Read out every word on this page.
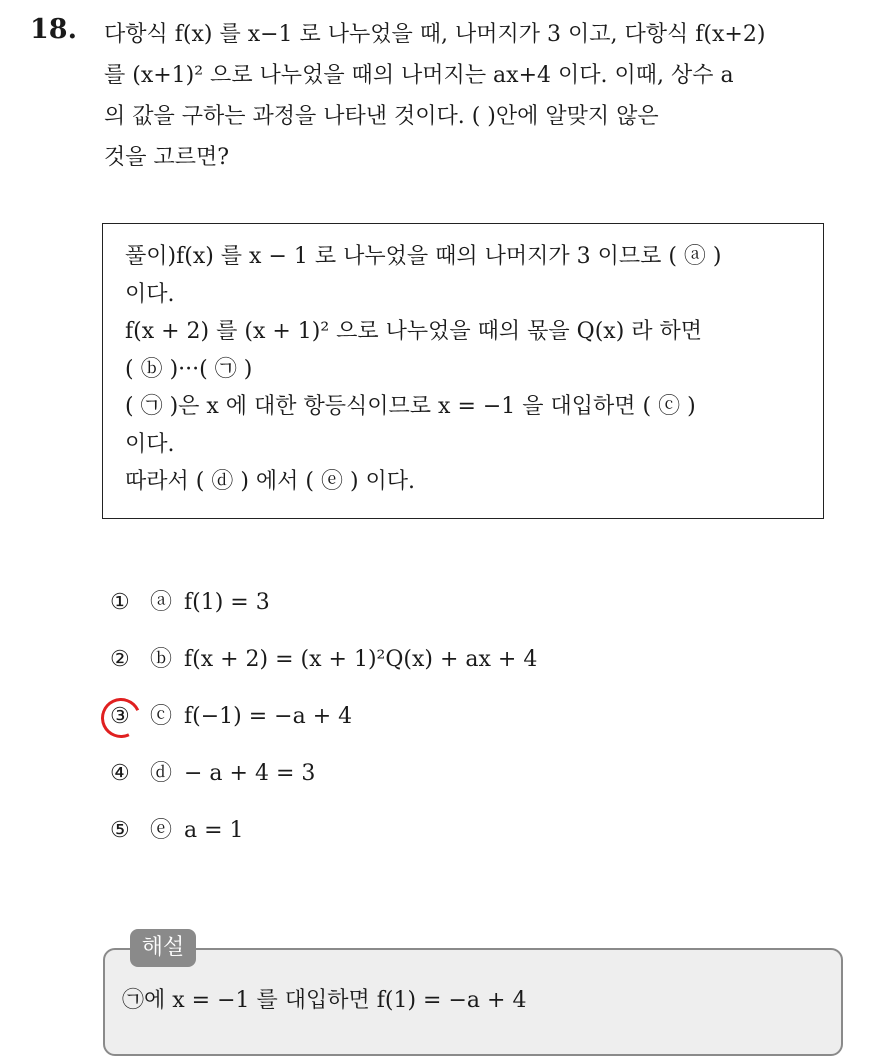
18. 다항식 f(x) 를 x−1 로 나누었을 때, 나머지가 3 이고, 다항식 f(x+2)
를 (x+1)² 으로 나누었을 때의 나머지는 ax+4 이다. 이때, 상수 a
의 값을 구하는 과정을 나타낸 것이다. ( )안에 알맞지 않은
것을 고르면?
풀이)f(x) 를 x − 1 로 나누었을 때의 나머지가 3 이므로 ( ⓐ )
이다.
f(x + 2) 를 (x + 1)² 으로 나누었을 때의 몫을 Q(x) 라 하면
( ⓑ )···( ㉠ )
( ㉠ )은 x 에 대한 항등식이므로 x = −1 을 대입하면 ( ⓒ )
이다.
따라서 ( ⓓ ) 에서 ( ⓔ ) 이다.
① ⓐ f(1) = 3
② ⓑ f(x + 2) = (x + 1)²Q(x) + ax + 4
③ ⓒ f(−1) = −a + 4
④ ⓓ − a + 4 = 3
⑤ ⓔ a = 1
해설
㉠에 x = −1 를 대입하면 f(1) = −a + 4
